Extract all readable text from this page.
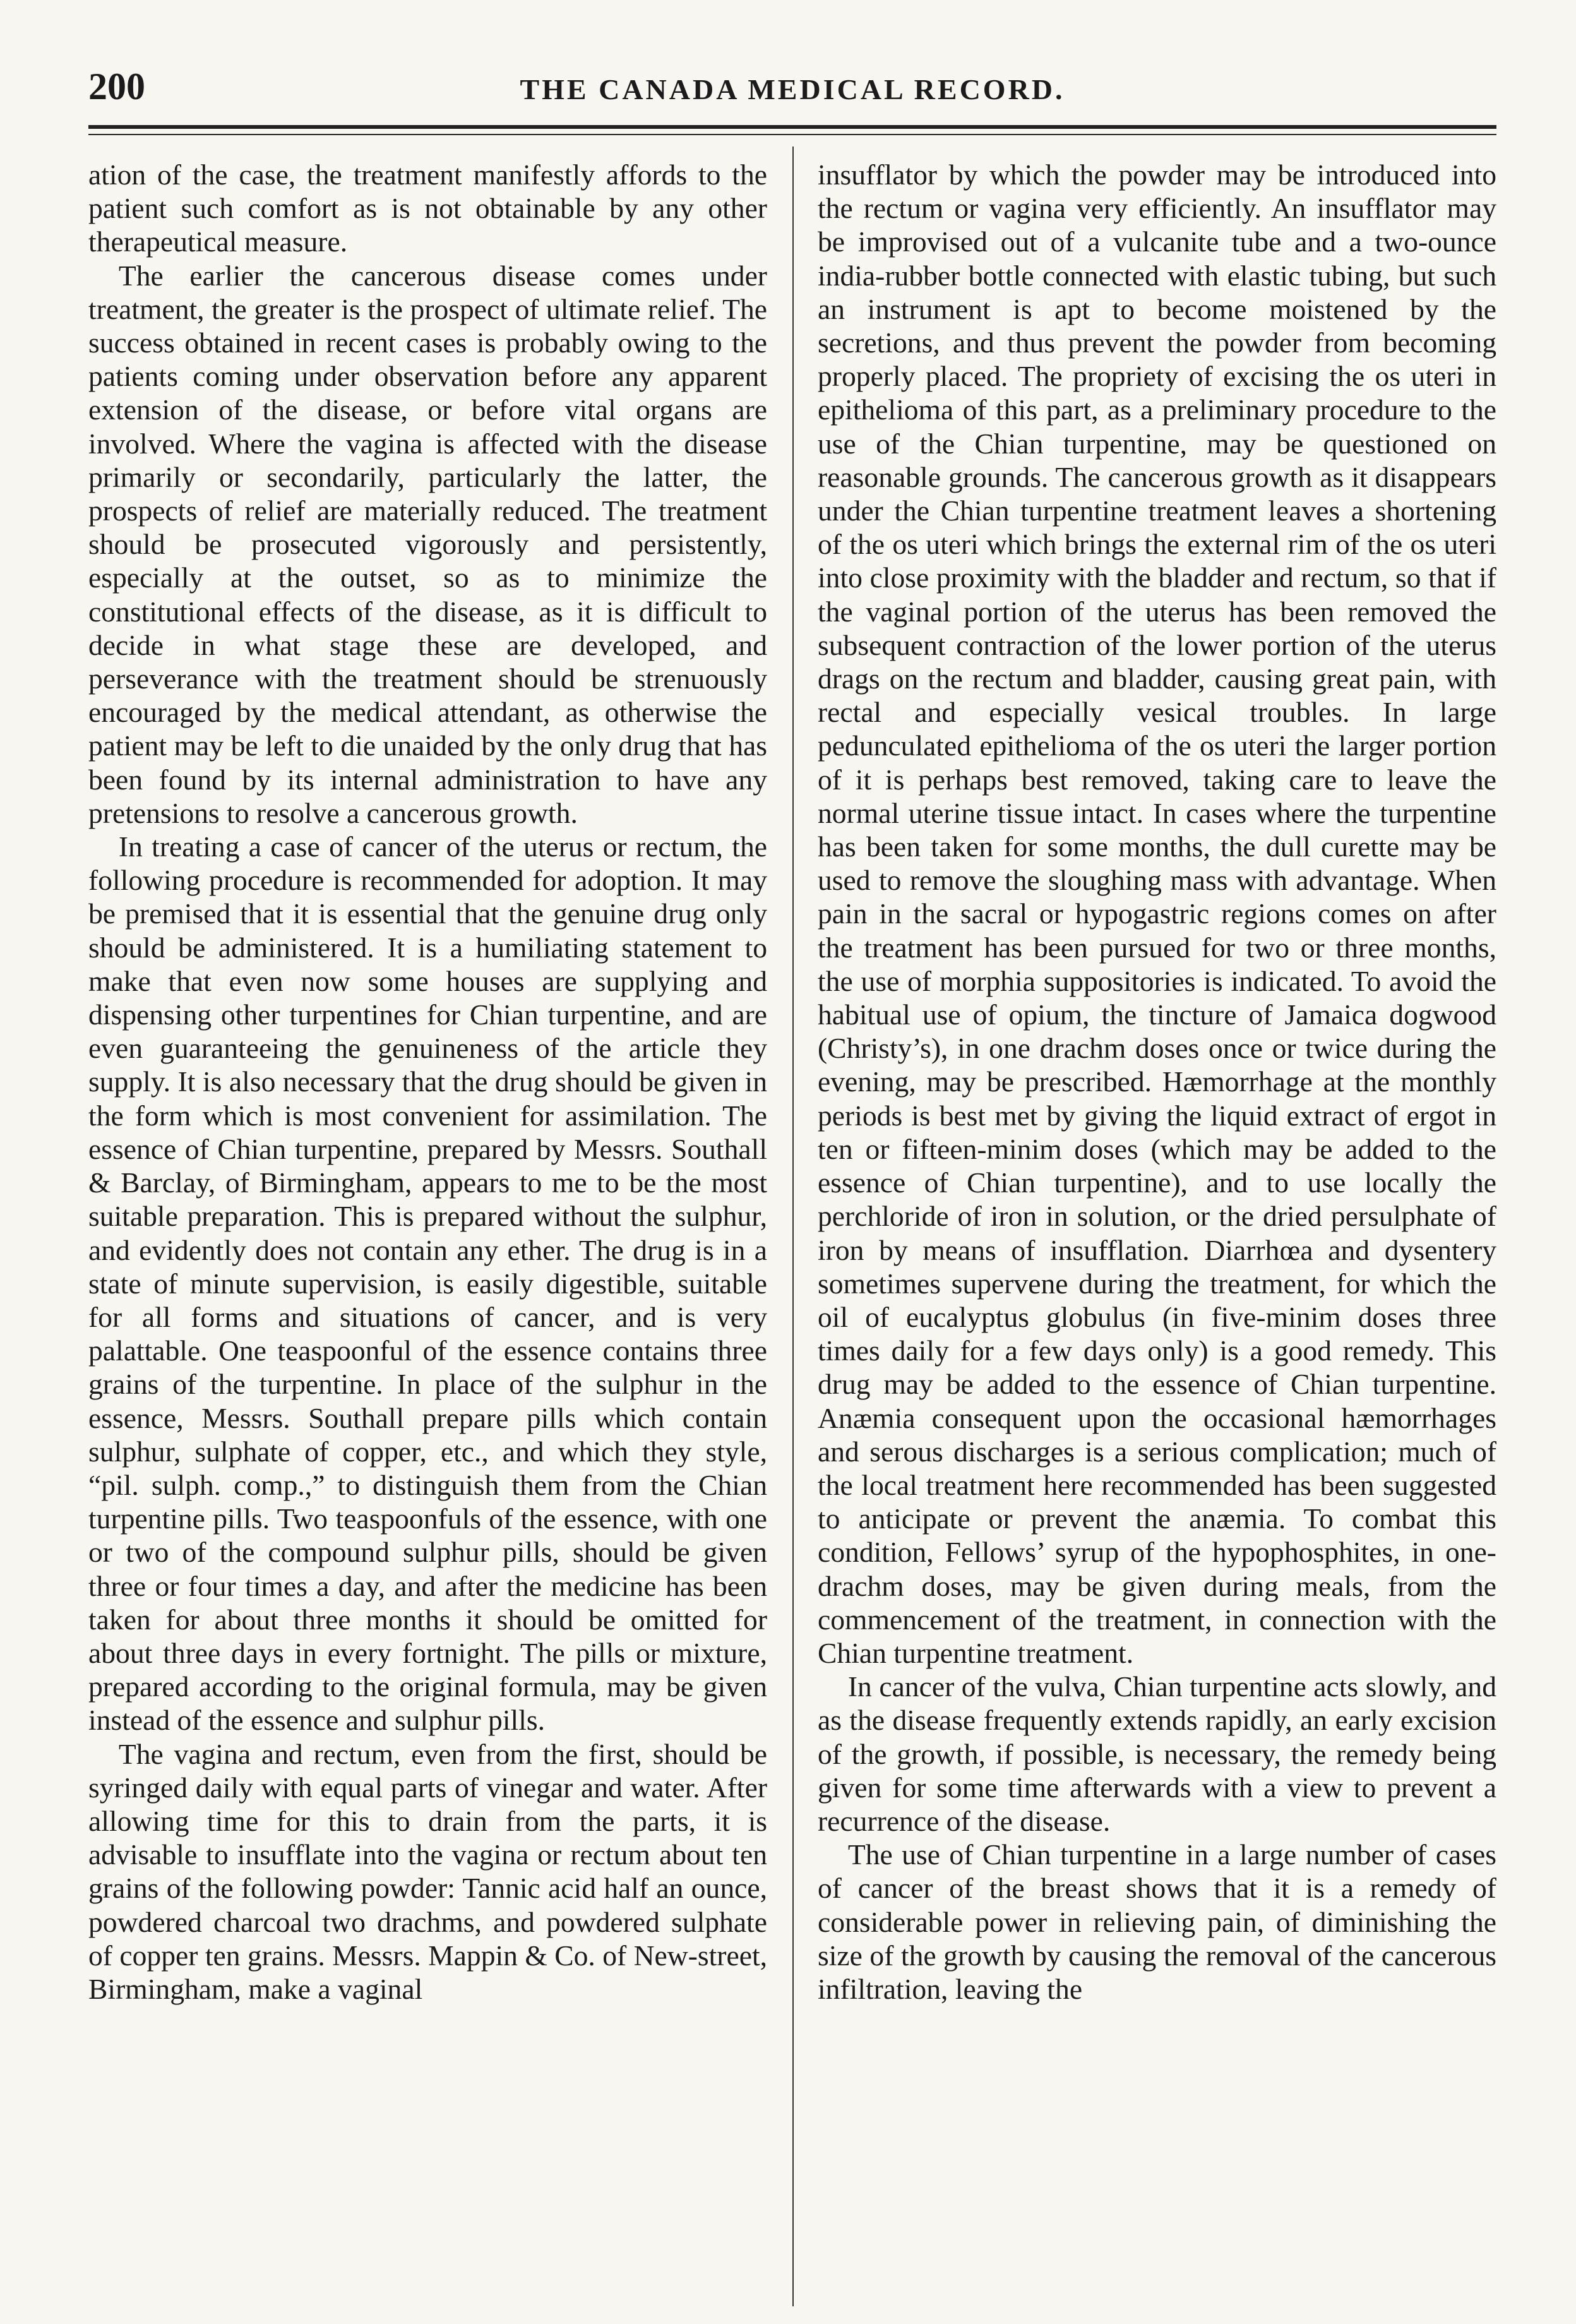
200	THE CANADA MEDICAL RECORD.

ation of the case, the treatment manifestly affords to the patient such comfort as is not obtainable by any other therapeutical measure.

The earlier the cancerous disease comes under treatment, the greater is the prospect of ultimate relief. The success obtained in recent cases is probably owing to the patients coming under observation before any apparent extension of the disease, or before vital organs are involved. Where the vagina is affected with the disease primarily or secondarily, particularly the latter, the prospects of relief are materially reduced. The treatment should be prosecuted vigorously and persistently, especially at the outset, so as to minimize the constitutional effects of the disease, as it is difficult to decide in what stage these are developed, and perseverance with the treatment should be strenuously encouraged by the medical attendant, as otherwise the patient may be left to die unaided by the only drug that has been found by its internal administration to have any pretensions to resolve a cancerous growth.

In treating a case of cancer of the uterus or rectum, the following procedure is recommended for adoption. It may be premised that it is essential that the genuine drug only should be administered. It is a humiliating statement to make that even now some houses are supplying and dispensing other turpentines for Chian turpentine, and are even guaranteeing the genuineness of the article they supply. It is also necessary that the drug should be given in the form which is most convenient for assimilation. The essence of Chian turpentine, prepared by Messrs. Southall & Barclay, of Birmingham, appears to me to be the most suitable preparation. This is prepared without the sulphur, and evidently does not contain any ether. The drug is in a state of minute supervision, is easily digestible, suitable for all forms and situations of cancer, and is very palattable. One teaspoonful of the essence contains three grains of the turpentine. In place of the sulphur in the essence, Messrs. Southall prepare pills which contain sulphur, sulphate of copper, etc., and which they style, “pil. sulph. comp.,” to distinguish them from the Chian turpentine pills. Two teaspoonfuls of the essence, with one or two of the compound sulphur pills, should be given three or four times a day, and after the medicine has been taken for about three months it should be omitted for about three days in every fortnight. The pills or mixture, prepared according to the original formula, may be given instead of the essence and sulphur pills.

The vagina and rectum, even from the first, should be syringed daily with equal parts of vinegar and water. After allowing time for this to drain from the parts, it is advisable to insufflate into the vagina or rectum about ten grains of the following powder: Tannic acid half an ounce, powdered charcoal two drachms, and powdered sulphate of copper ten grains. Messrs. Mappin & Co. of New-street, Birmingham, make a vaginal

insufflator by which the powder may be introduced into the rectum or vagina very efficiently. An insufflator may be improvised out of a vulcanite tube and a two-ounce india-rubber bottle connected with elastic tubing, but such an instrument is apt to become moistened by the secretions, and thus prevent the powder from becoming properly placed. The propriety of excising the os uteri in epithelioma of this part, as a preliminary procedure to the use of the Chian turpentine, may be questioned on reasonable grounds. The cancerous growth as it disappears under the Chian turpentine treatment leaves a shortening of the os uteri which brings the external rim of the os uteri into close proximity with the bladder and rectum, so that if the vaginal portion of the uterus has been removed the subsequent contraction of the lower portion of the uterus drags on the rectum and bladder, causing great pain, with rectal and especially vesical troubles. In large pedunculated epithelioma of the os uteri the larger portion of it is perhaps best removed, taking care to leave the normal uterine tissue intact. In cases where the turpentine has been taken for some months, the dull curette may be used to remove the sloughing mass with advantage. When pain in the sacral or hypogastric regions comes on after the treatment has been pursued for two or three months, the use of morphia suppositories is indicated. To avoid the habitual use of opium, the tincture of Jamaica dogwood (Christy’s), in one drachm doses once or twice during the evening, may be prescribed. Hæmorrhage at the monthly periods is best met by giving the liquid extract of ergot in ten or fifteen-minim doses (which may be added to the essence of Chian turpentine), and to use locally the perchloride of iron in solution, or the dried persulphate of iron by means of insufflation. Diarrhœa and dysentery sometimes supervene during the treatment, for which the oil of eucalyptus globulus (in five-minim doses three times daily for a few days only) is a good remedy. This drug may be added to the essence of Chian turpentine. Anæmia consequent upon the occasional hæmorrhages and serous discharges is a serious complication; much of the local treatment here recommended has been suggested to anticipate or prevent the anæmia. To combat this condition, Fellows’ syrup of the hypophosphites, in one-drachm doses, may be given during meals, from the commencement of the treatment, in connection with the Chian turpentine treatment.

In cancer of the vulva, Chian turpentine acts slowly, and as the disease frequently extends rapidly, an early excision of the growth, if possible, is necessary, the remedy being given for some time afterwards with a view to prevent a recurrence of the disease.

The use of Chian turpentine in a large number of cases of cancer of the breast shows that it is a remedy of considerable power in relieving pain, of diminishing the size of the growth by causing the removal of the cancerous infiltration, leaving the
